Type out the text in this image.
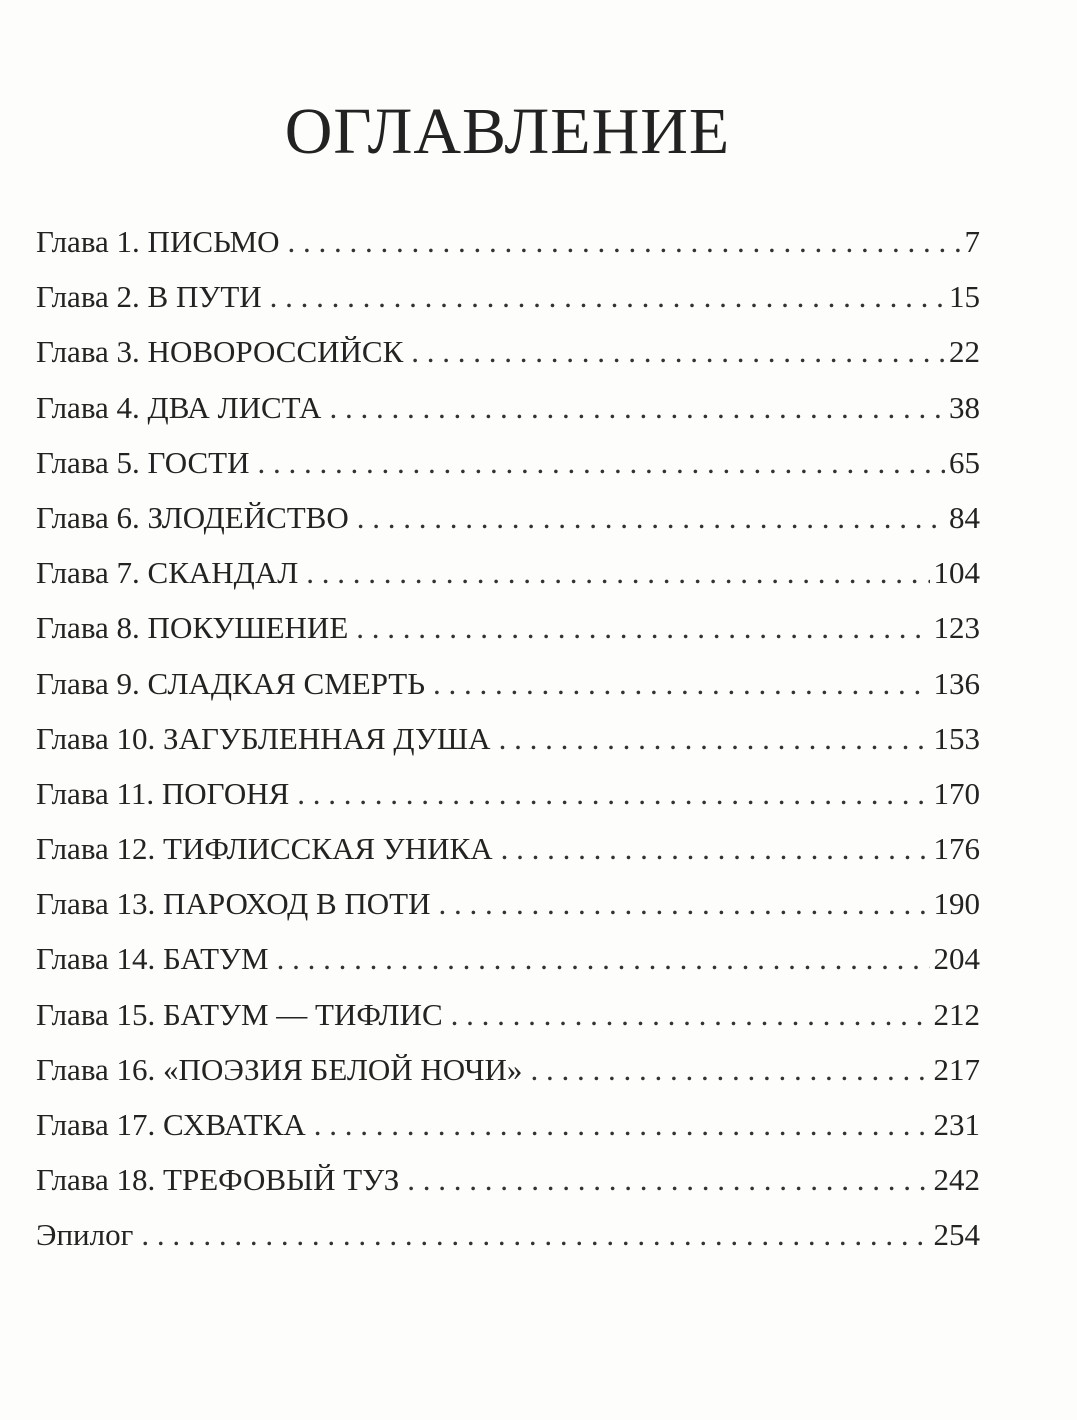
ОГЛАВЛЕНИЕ
Глава 1. ПИСЬМО . . .	7
Глава 2. В ПУТИ . . .	15
Глава 3. НОВОРОССИЙСК . . .	22
Глава 4. ДВА ЛИСТА . . .	38
Глава 5. ГОСТИ . . .	65
Глава 6. ЗЛОДЕЙСТВО . . .	84
Глава 7. СКАНДАЛ . . .	104
Глава 8. ПОКУШЕНИЕ . . .	123
Глава 9. СЛАДКАЯ СМЕРТЬ . . .	136
Глава 10. ЗАГУБЛЕННАЯ ДУША . . .	153
Глава 11. ПОГОНЯ . . .	170
Глава 12. ТИФЛИССКАЯ УНИКА . . .	176
Глава 13. ПАРОХОД В ПОТИ . . .	190
Глава 14. БАТУМ . . .	204
Глава 15. БАТУМ — ТИФЛИС . . .	212
Глава 16. «ПОЭЗИЯ БЕЛОЙ НОЧИ» . . .	217
Глава 17. СХВАТКА . . .	231
Глава 18. ТРЕФОВЫЙ ТУЗ . . .	242
Эпилог . . .	254
